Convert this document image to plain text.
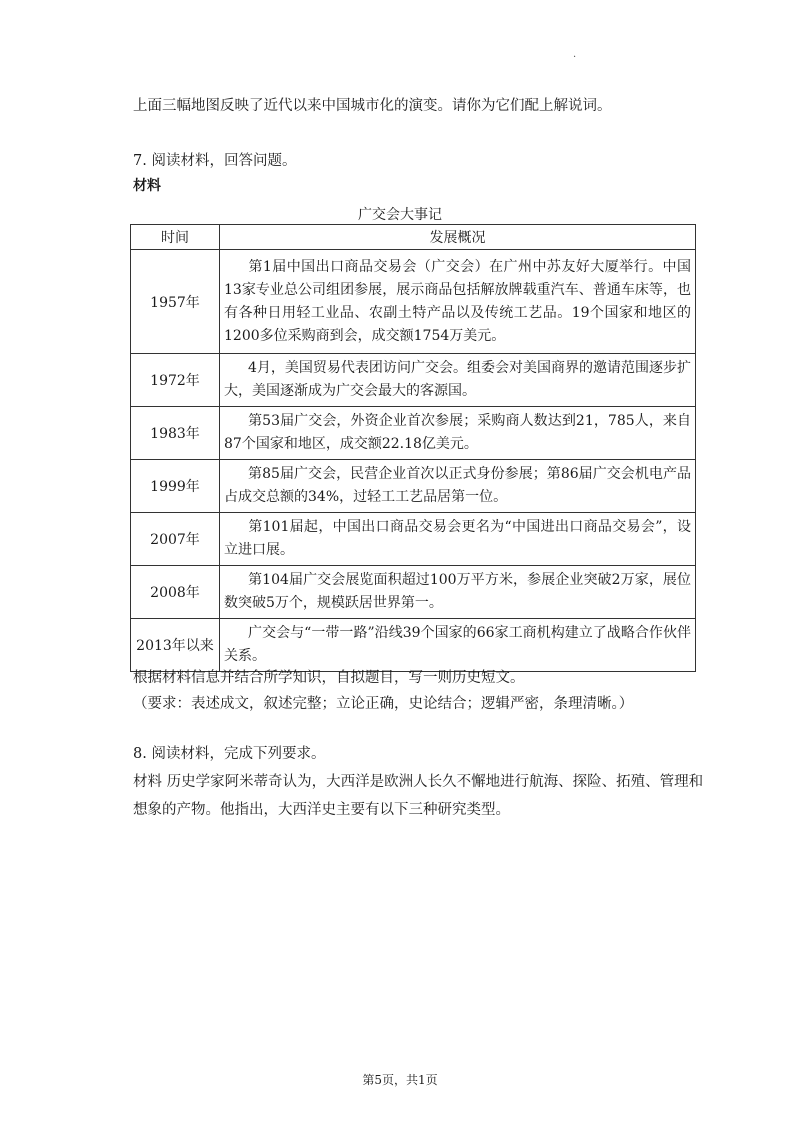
·
上面三幅地图反映了近代以来中国城市化的演变。请你为它们配上解说词。
7. 阅读材料，回答问题。
材料
广交会大事记
时间	发展概况
1957年	第1届中国出口商品交易会（广交会）在广州中苏友好大厦举行。中国13家专业总公司组团参展，展示商品包括解放牌载重汽车、普通车床等，也有各种日用轻工业品、农副土特产品以及传统工艺品。19个国家和地区的1200多位采购商到会，成交额1754万美元。
1972年	4月，美国贸易代表团访问广交会。组委会对美国商界的邀请范围逐步扩大，美国逐渐成为广交会最大的客源国。
1983年	第53届广交会，外资企业首次参展；采购商人数达到21，785人，来自87个国家和地区，成交额22.18亿美元。
1999年	第85届广交会，民营企业首次以正式身份参展；第86届广交会机电产品占成交总额的34%，过轻工工艺品居第一位。
2007年	第101届起，中国出口商品交易会更名为“中国进出口商品交易会”，设立进口展。
2008年	第104届广交会展览面积超过100万平方米，参展企业突破2万家，展位数突破5万个，规模跃居世界第一。
2013年以来	广交会与“一带一路”沿线39个国家的66家工商机构建立了战略合作伙伴关系。
根据材料信息并结合所学知识，自拟题目，写一则历史短文。
（要求：表述成文，叙述完整；立论正确，史论结合；逻辑严密，条理清晰。）
8. 阅读材料，完成下列要求。
材料 历史学家阿米蒂奇认为，大西洋是欧洲人长久不懈地进行航海、探险、拓殖、管理和
想象的产物。他指出，大西洋史主要有以下三种研究类型。
第5页，共1页
